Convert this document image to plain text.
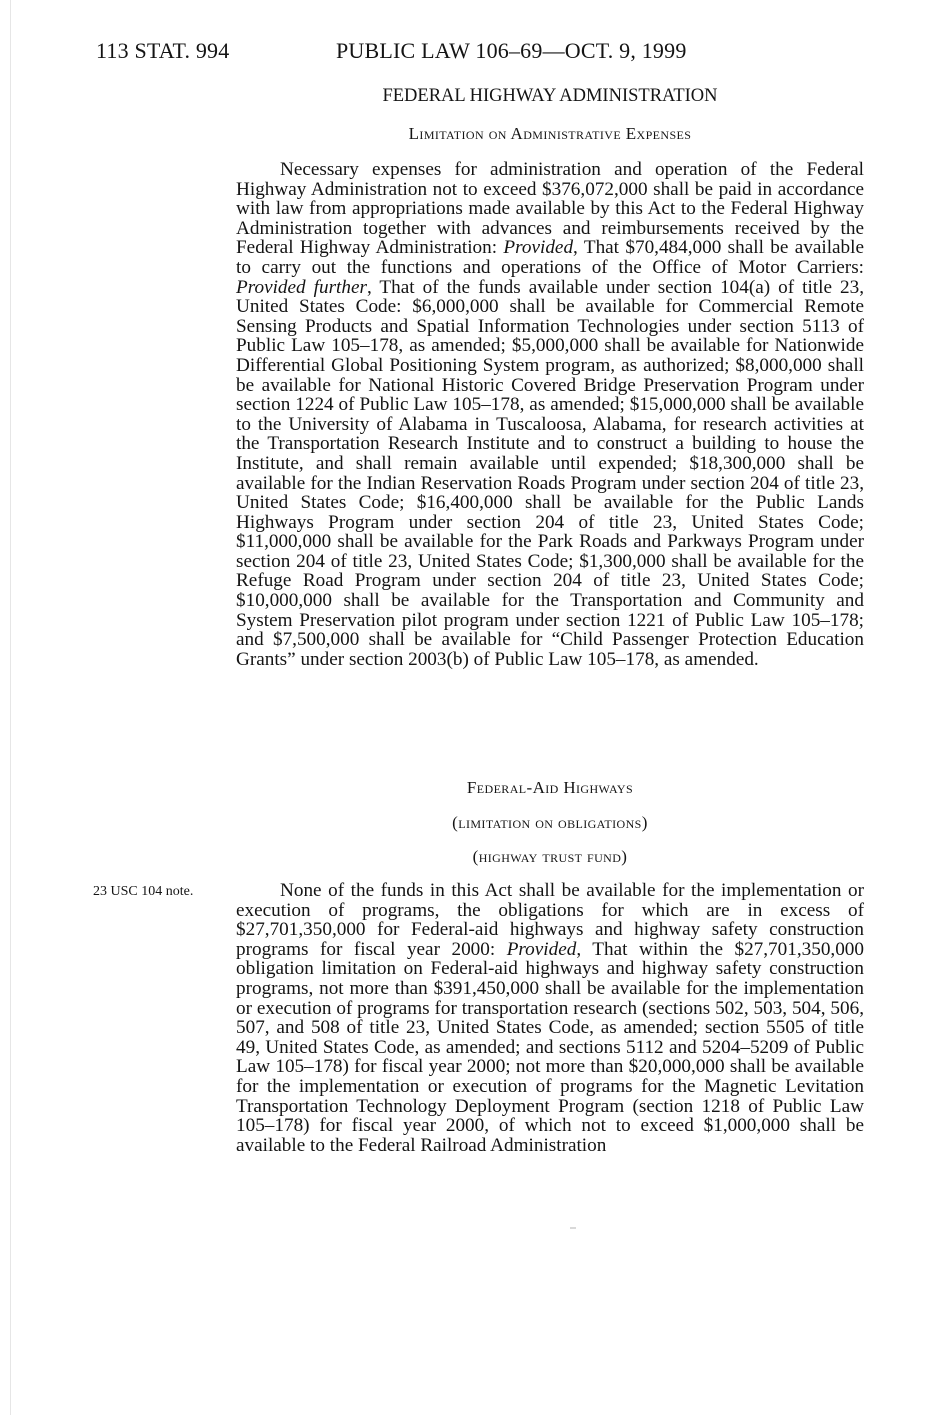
113 STAT. 994	PUBLIC LAW 106–69—OCT. 9, 1999
FEDERAL HIGHWAY ADMINISTRATION
Limitation on Administrative Expenses

Necessary expenses for administration and operation of the Federal Highway Administration not to exceed $376,072,000 shall be paid in accordance with law from appropriations made available by this Act to the Federal Highway Administration together with advances and reimbursements received by the Federal Highway Administration: Provided, That $70,484,000 shall be available to carry out the functions and operations of the Office of Motor Carriers: Provided further, That of the funds available under section 104(a) of title 23, United States Code: $6,000,000 shall be available for Commercial Remote Sensing Products and Spatial Information Technologies under section 5113 of Public Law 105–178, as amended; $5,000,000 shall be available for Nationwide Differential Global Positioning System program, as authorized; $8,000,000 shall be available for National Historic Covered Bridge Preservation Program under section 1224 of Public Law 105–178, as amended; $15,000,000 shall be available to the University of Alabama in Tuscaloosa, Alabama, for research activities at the Transportation Research Institute and to construct a building to house the Institute, and shall remain available until expended; $18,300,000 shall be available for the Indian Reservation Roads Program under section 204 of title 23, United States Code; $16,400,000 shall be available for the Public Lands Highways Program under section 204 of title 23, United States Code; $11,000,000 shall be available for the Park Roads and Parkways Program under section 204 of title 23, United States Code; $1,300,000 shall be available for the Refuge Road Program under section 204 of title 23, United States Code; $10,000,000 shall be available for the Transportation and Community and System Preservation pilot program under section 1221 of Public Law 105–178; and $7,500,000 shall be available for “Child Passenger Protection Education Grants” under section 2003(b) of Public Law 105–178, as amended.

Federal-Aid Highways
(limitation on obligations)
(highway trust fund)
23 USC 104 note.	None of the funds in this Act shall be available for the implementation or execution of programs, the obligations for which are in excess of $27,701,350,000 for Federal-aid highways and highway safety construction programs for fiscal year 2000: Provided, That within the $27,701,350,000 obligation limitation on Federal-aid highways and highway safety construction programs, not more than $391,450,000 shall be available for the implementation or execution of programs for transportation research (sections 502, 503, 504, 506, 507, and 508 of title 23, United States Code, as amended; section 5505 of title 49, United States Code, as amended; and sections 5112 and 5204–5209 of Public Law 105–178) for fiscal year 2000; not more than $20,000,000 shall be available for the implementation or execution of programs for the Magnetic Levitation Transportation Technology Deployment Program (section 1218 of Public Law 105–178) for fiscal year 2000, of which not to exceed $1,000,000 shall be available to the Federal Railroad Administration
